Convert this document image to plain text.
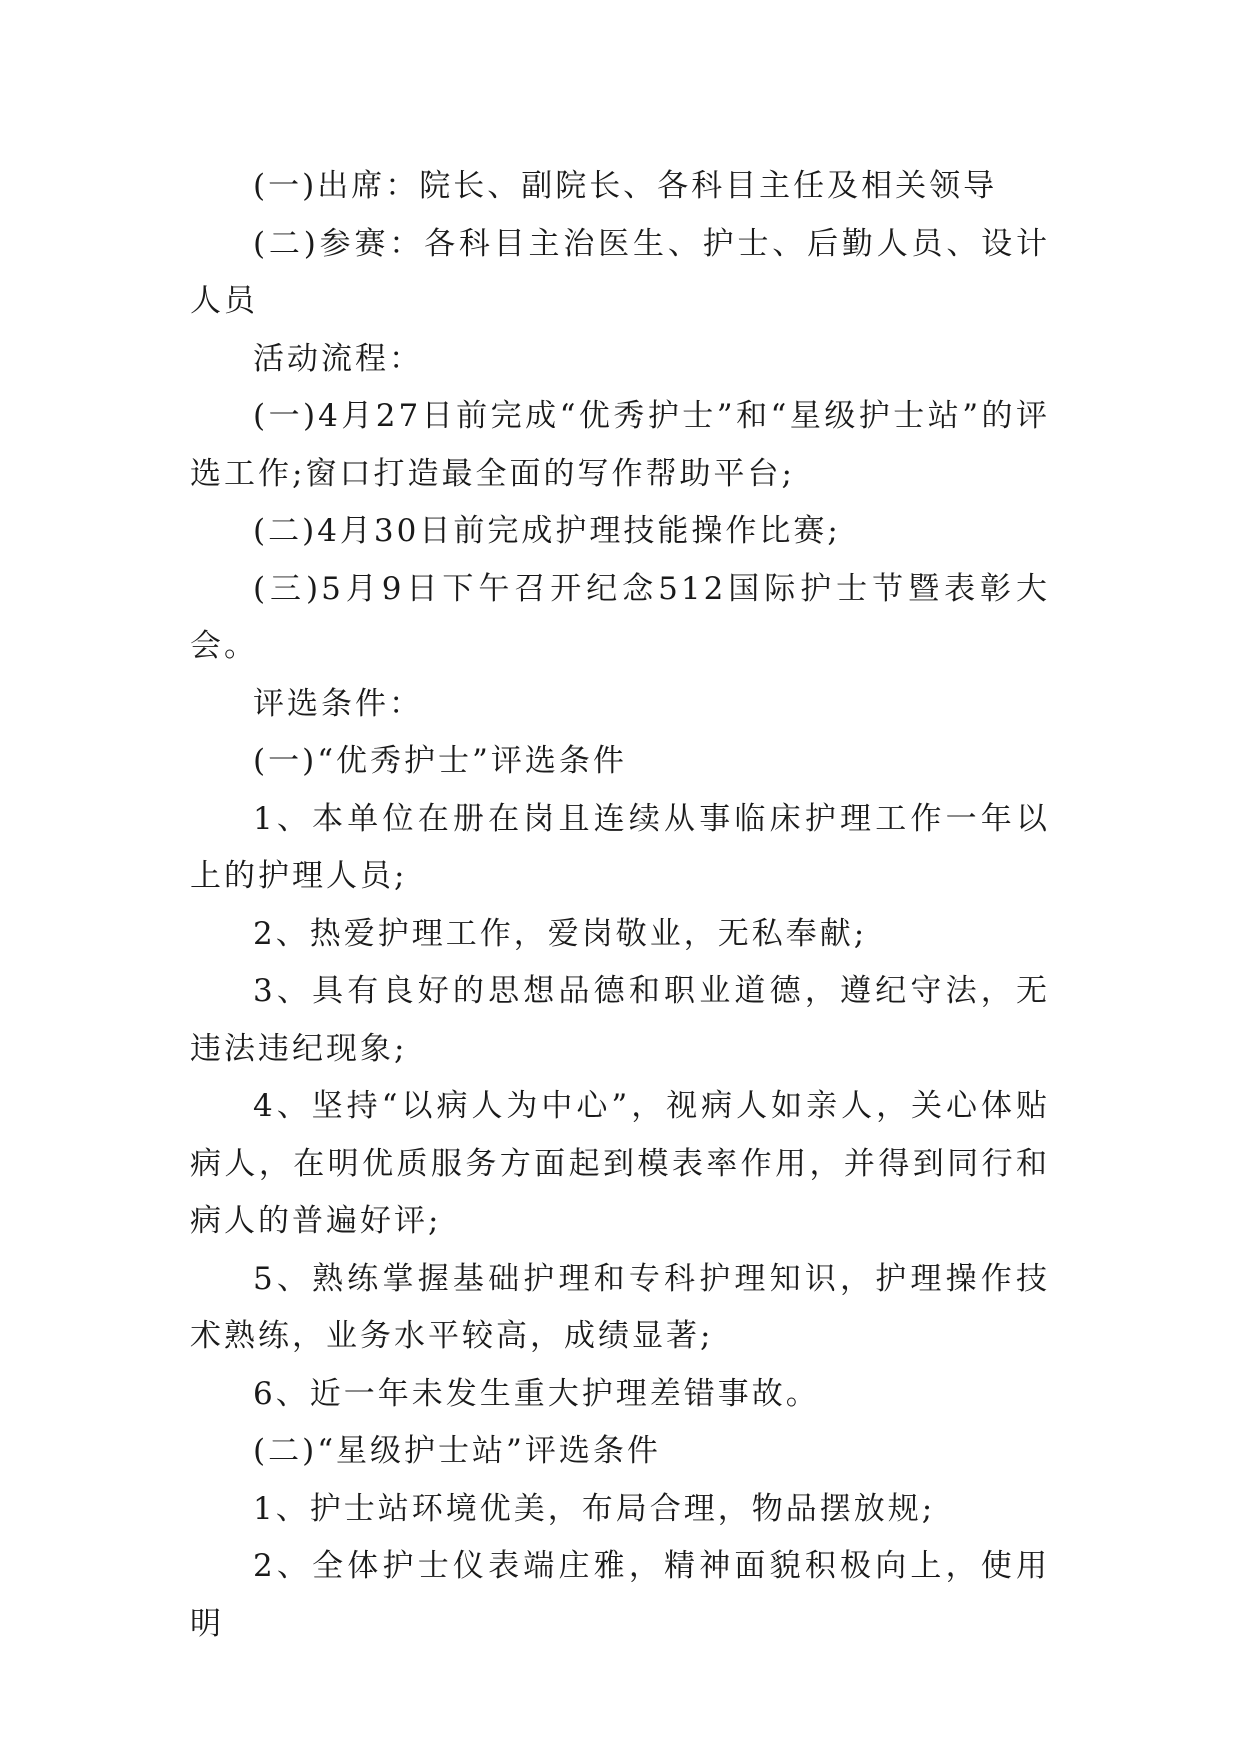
(一)出席：院长、副院长、各科目主任及相关领导

(二)参赛：各科目主治医生、护士、后勤人员、设计人员

活动流程：

(一)4月27日前完成“优秀护士”和“星级护士站”的评选工作;窗口打造最全面的写作帮助平台;

(二)4月30日前完成护理技能操作比赛;

(三)5月9日下午召开纪念512国际护士节暨表彰大会。

评选条件：

(一)“优秀护士”评选条件

1、本单位在册在岗且连续从事临床护理工作一年以上的护理人员;

2、热爱护理工作，爱岗敬业，无私奉献;

3、具有良好的思想品德和职业道德，遵纪守法，无违法违纪现象;

4、坚持“以病人为中心”，视病人如亲人，关心体贴病人，在明优质服务方面起到模表率作用，并得到同行和病人的普遍好评;

5、熟练掌握基础护理和专科护理知识，护理操作技术熟练，业务水平较高，成绩显著;

6、近一年未发生重大护理差错事故。

(二)“星级护士站”评选条件

1、护士站环境优美，布局合理，物品摆放规;

2、全体护士仪表端庄雅，精神面貌积极向上，使用明
